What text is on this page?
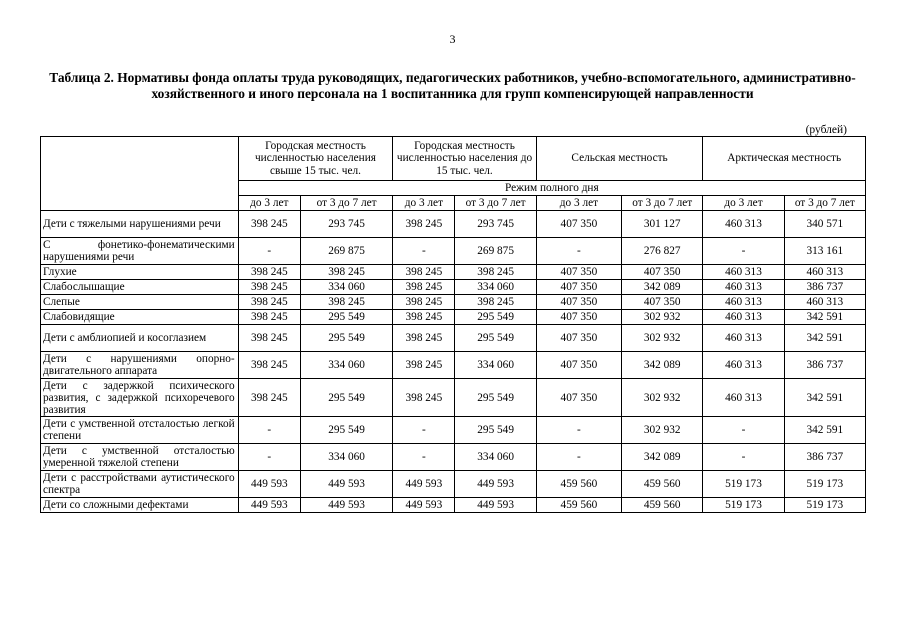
3
Таблица 2. Нормативы фонда оплаты труда руководящих, педагогических работников, учебно-вспомогательного, административно-хозяйственного и иного персонала на 1 воспитанника для групп компенсирующей направленности
(рублей)
	Городская местность численностью населения свыше 15 тыс. чел.		Городская местность численностью населения до 15 тыс. чел.		Сельская местность		Арктическая местность	
	Режим полного дня							
	до 3 лет	от 3 до 7 лет	до 3 лет	от 3 до 7 лет	до 3 лет	от 3 до 7 лет	до 3 лет	от 3 до 7 лет
Дети с тяжелыми нарушениями речи	398 245	293 745	398 245	293 745	407 350	301 127	460 313	340 571
С фонетико-фонематическими нарушениями речи	-	269 875	-	269 875	-	276 827	-	313 161
Глухие	398 245	398 245	398 245	398 245	407 350	407 350	460 313	460 313
Слабослышащие	398 245	334 060	398 245	334 060	407 350	342 089	460 313	386 737
Слепые	398 245	398 245	398 245	398 245	407 350	407 350	460 313	460 313
Слабовидящие	398 245	295 549	398 245	295 549	407 350	302 932	460 313	342 591
Дети с амблиопией и косоглазием	398 245	295 549	398 245	295 549	407 350	302 932	460 313	342 591
Дети с нарушениями опорно-двигательного аппарата	398 245	334 060	398 245	334 060	407 350	342 089	460 313	386 737
Дети с задержкой психического развития, с задержкой психоречевого развития	398 245	295 549	398 245	295 549	407 350	302 932	460 313	342 591
Дети с умственной отсталостью легкой степени	-	295 549	-	295 549	-	302 932	-	342 591
Дети с умственной отсталостью умеренной тяжелой степени	-	334 060	-	334 060	-	342 089	-	386 737
Дети с расстройствами аутистического спектра	449 593	449 593	449 593	449 593	459 560	459 560	519 173	519 173
Дети со сложными дефектами	449 593	449 593	449 593	449 593	459 560	459 560	519 173	519 173
